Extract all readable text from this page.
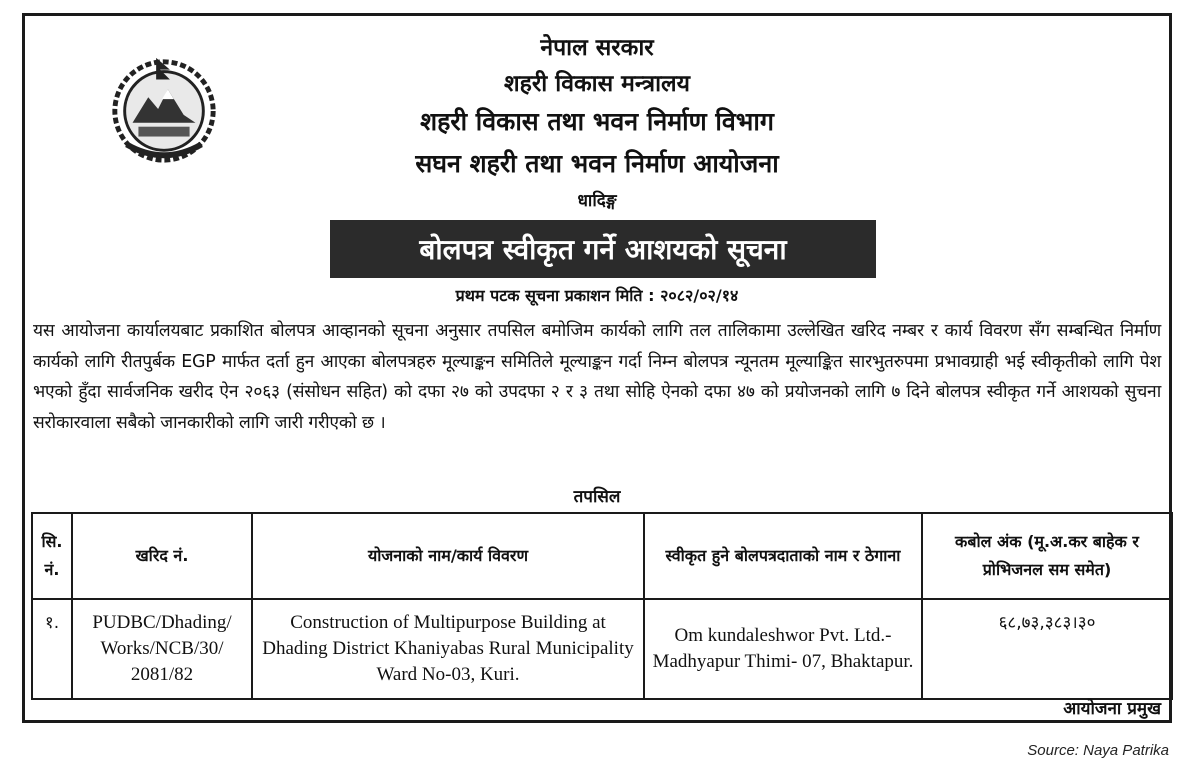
नेपाल सरकार
शहरी विकास मन्त्रालय
शहरी विकास तथा भवन निर्माण विभाग
सघन शहरी तथा भवन निर्माण आयोजना
धादिङ्ग
बोलपत्र स्वीकृत गर्ने आशयको सूचना
प्रथम पटक सूचना प्रकाशन मिति : २०८२/०२/१४
यस आयोजना कार्यालयबाट प्रकाशित बोलपत्र आव्हानको सूचना अनुसार तपसिल बमोजिम कार्यको लागि तल तालिकामा उल्लेखित खरिद नम्बर र कार्य विवरण सँग सम्बन्धित निर्माण कार्यको लागि रीतपुर्बक EGP मार्फत दर्ता हुन आएका बोलपत्रहरु मूल्याङ्कन समितिले मूल्याङ्कन गर्दा निम्न बोलपत्र न्यूनतम मूल्याङ्कित सारभुतरुपमा प्रभावग्राही भई स्वीकृतीको लागि पेश भएको हुँदा सार्वजनिक खरीद ऐन २०६३ (संसोधन सहित) को दफा २७ को उपदफा २ र ३ तथा सोहि ऐनको दफा ४७ को प्रयोजनको लागि ७ दिने बोलपत्र स्वीकृत गर्ने आशयको सुचना सरोकारवाला सबैको जानकारीको लागि जारी गरीएको छ ।
तपसिल
सि. नं.	खरिद नं.	योजनाको नाम/कार्य विवरण	स्वीकृत हुने बोलपत्रदाताको नाम र ठेगाना	कबोल अंक (मू.अ.कर बाहेक र प्रोभिजनल सम समेत)
१.	PUDBC/Dhading/ Works/NCB/30/ 2081/82	Construction of Multipurpose Building at Dhading District Khaniyabas Rural Municipality Ward No-03, Kuri.	Om kundaleshwor Pvt. Ltd.- Madhyapur Thimi- 07, Bhaktapur.	६८,७३,३८३।३०
आयोजना प्रमुख
Source: Naya Patrika
